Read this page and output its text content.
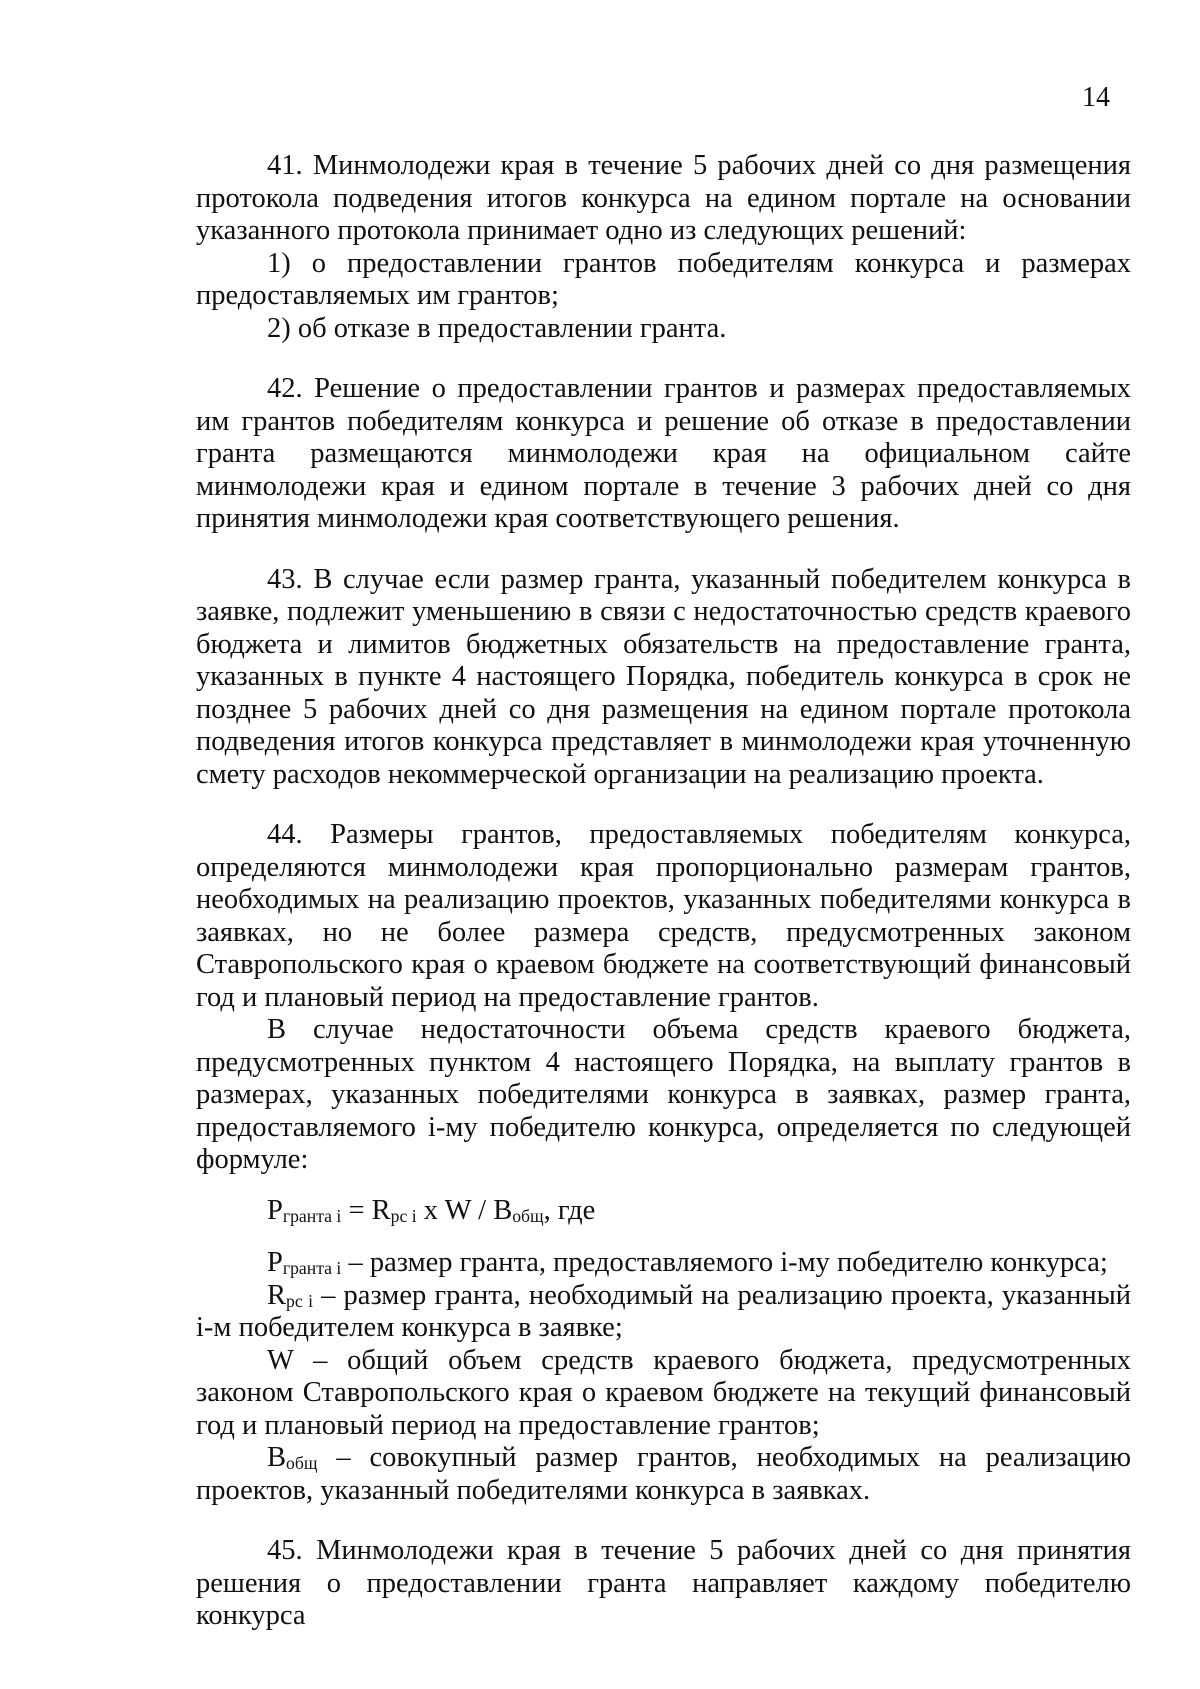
14

41. Минмолодежи края в течение 5 рабочих дней со дня размещения протокола подведения итогов конкурса на едином портале на основании указанного протокола принимает одно из следующих решений:

1) о предоставлении грантов победителям конкурса и размерах предоставляемых им грантов;

2) об отказе в предоставлении гранта.

42. Решение о предоставлении грантов и размерах предоставляемых им грантов победителям конкурса и решение об отказе в предоставлении гранта размещаются минмолодежи края на официальном сайте минмолодежи края и едином портале в течение 3 рабочих дней со дня принятия минмолодежи края соответствующего решения.

43. В случае если размер гранта, указанный победителем конкурса в заявке, подлежит уменьшению в связи с недостаточностью средств краевого бюджета и лимитов бюджетных обязательств на предоставление гранта, указанных в пункте 4 настоящего Порядка, победитель конкурса в срок не позднее 5 рабочих дней со дня размещения на едином портале протокола подведения итогов конкурса представляет в минмолодежи края уточненную смету расходов некоммерческой организации на реализацию проекта.

44. Размеры грантов, предоставляемых победителям конкурса, определяются минмолодежи края пропорционально размерам грантов, необходимых на реализацию проектов, указанных победителями конкурса в заявках, но не более размера средств, предусмотренных законом Ставропольского края о краевом бюджете на соответствующий финансовый год и плановый период на предоставление грантов.

В случае недостаточности объема средств краевого бюджета, предусмотренных пунктом 4 настоящего Порядка, на выплату грантов в размерах, указанных победителями конкурса в заявках, размер гранта, предоставляемого i-му победителю конкурса, определяется по следующей формуле:

$P_{гранта i} = R_{рс i}$ x W / $B_{общ}$, где

$P_{гранта i}$ – размер гранта, предоставляемого i-му победителю конкурса;

$R_{рс i}$ – размер гранта, необходимый на реализацию проекта, указанный i-м победителем конкурса в заявке;

W – общий объем средств краевого бюджета, предусмотренных законом Ставропольского края о краевом бюджете на текущий финансовый год и плановый период на предоставление грантов;

$B_{общ}$ – совокупный размер грантов, необходимых на реализацию проектов, указанный победителями конкурса в заявках.

45. Минмолодежи края в течение 5 рабочих дней со дня принятия решения о предоставлении гранта направляет каждому победителю конкурса
